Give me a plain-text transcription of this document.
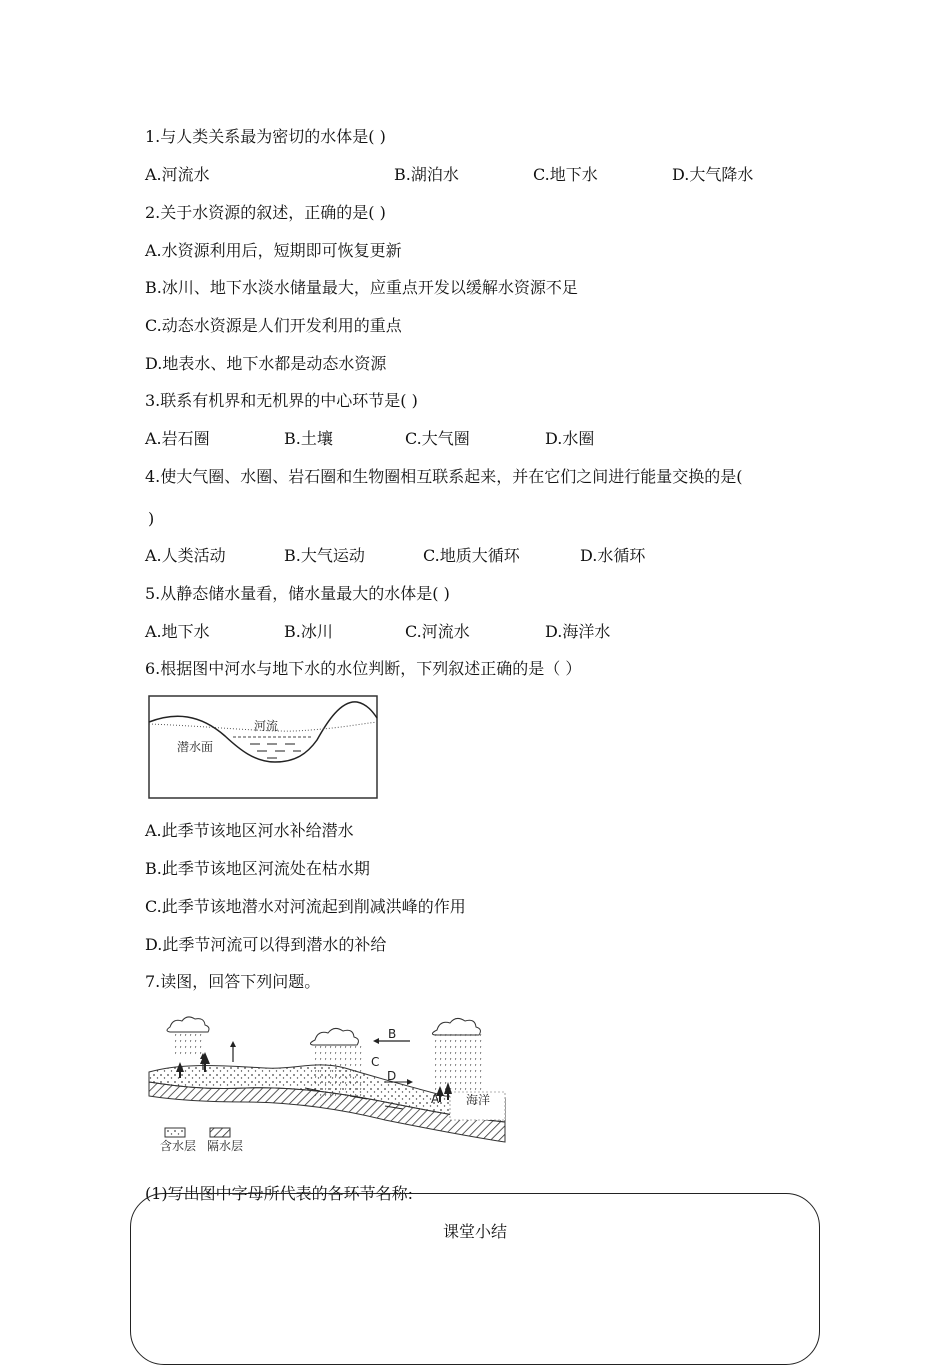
1.与人类关系最为密切的水体是( )
A.河流水	B.湖泊水	C.地下水	D.大气降水
2.关于水资源的叙述，正确的是( )
A.水资源利用后，短期即可恢复更新
B.冰川、地下水淡水储量最大，应重点开发以缓解水资源不足
C.动态水资源是人们开发利用的重点
D.地表水、地下水都是动态水资源
3.联系有机界和无机界的中心环节是( )
A.岩石圈	B.土壤	C.大气圈	D.水圈
4.使大气圈、水圈、岩石圈和生物圈相互联系起来，并在它们之间进行能量交换的是(
)
A.人类活动	B.大气运动	C.地质大循环	D.水循环
5.从静态储水量看，储水量最大的水体是( )
A.地下水	B.冰川	C.河流水	D.海洋水
6.根据图中河水与地下水的水位判断，下列叙述正确的是（ ）
河流
潜水面
A.此季节该地区河水补给潜水
B.此季节该地区河流处在枯水期
C.此季节该地潜水对河流起到削减洪峰的作用
D.此季节河流可以得到潜水的补给
7.读图，回答下列问题。
B
C
D
A 海洋
含水层 隔水层
(1)写出图中字母所代表的各环节名称:
课堂小结
